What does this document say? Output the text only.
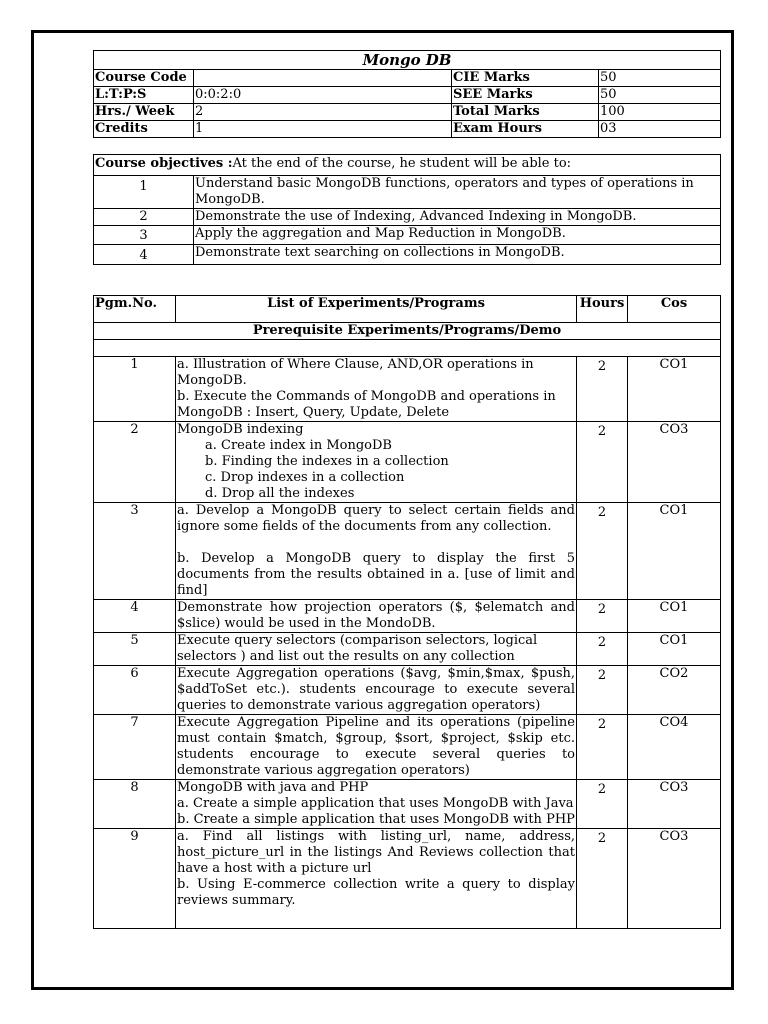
Mongo DB			
Course Code		CIE Marks	50
L:T:P:S	0:0:2:0	SEE Marks	50
Hrs./ Week	2	Total Marks	100
Credits	1	Exam Hours	03
Course objectives :At the end of the course, he student will be able to:	
1	Understand basic MongoDB functions, operators and types of operations in MongoDB.
2	Demonstrate the use of Indexing, Advanced Indexing in MongoDB.
3	Apply the aggregation and Map Reduction in MongoDB.
4	Demonstrate text searching on collections in MongoDB.
Pgm.No.	List of Experiments/Programs	Hours	Cos
Prerequisite Experiments/Programs/Demo			

1	a. Illustration of Where Clause, AND,OR operations in MongoDB.
b. Execute the Commands of MongoDB and operations in MongoDB : Insert, Query, Update, Delete	2	CO1
2	MongoDB indexing
a. Create index in MongoDB
b. Finding the indexes in a collection
c. Drop indexes in a collection
d. Drop all the indexes	2	CO3
3	a. Develop a MongoDB query to select certain fields and ignore some fields of the documents from any collection.
b. Develop a MongoDB query to display the first 5 documents from the results obtained in a. [use of limit and find]	2	CO1
4	Demonstrate how projection operators ($, $elematch and $slice) would be used in the MondoDB.	2	CO1
5	Execute query selectors (comparison selectors, logical selectors ) and list out the results on any collection	2	CO1
6	Execute Aggregation operations ($avg, $min,$max, $push, $addToSet etc.). students encourage to execute several queries to demonstrate various aggregation operators)	2	CO2
7	Execute Aggregation Pipeline and its operations (pipeline must contain $match, $group, $sort, $project, $skip etc. students encourage to execute several queries to demonstrate various aggregation operators)	2	CO4
8	MongoDB with java and PHP
a. Create a simple application that uses MongoDB with Java
b. Create a simple application that uses MongoDB with PHP	2	CO3
9	a. Find all listings with listing_url, name, address, host_picture_url in the listings And Reviews collection that have a host with a picture url
b. Using E-commerce collection write a query to display reviews summary.	2	CO3
